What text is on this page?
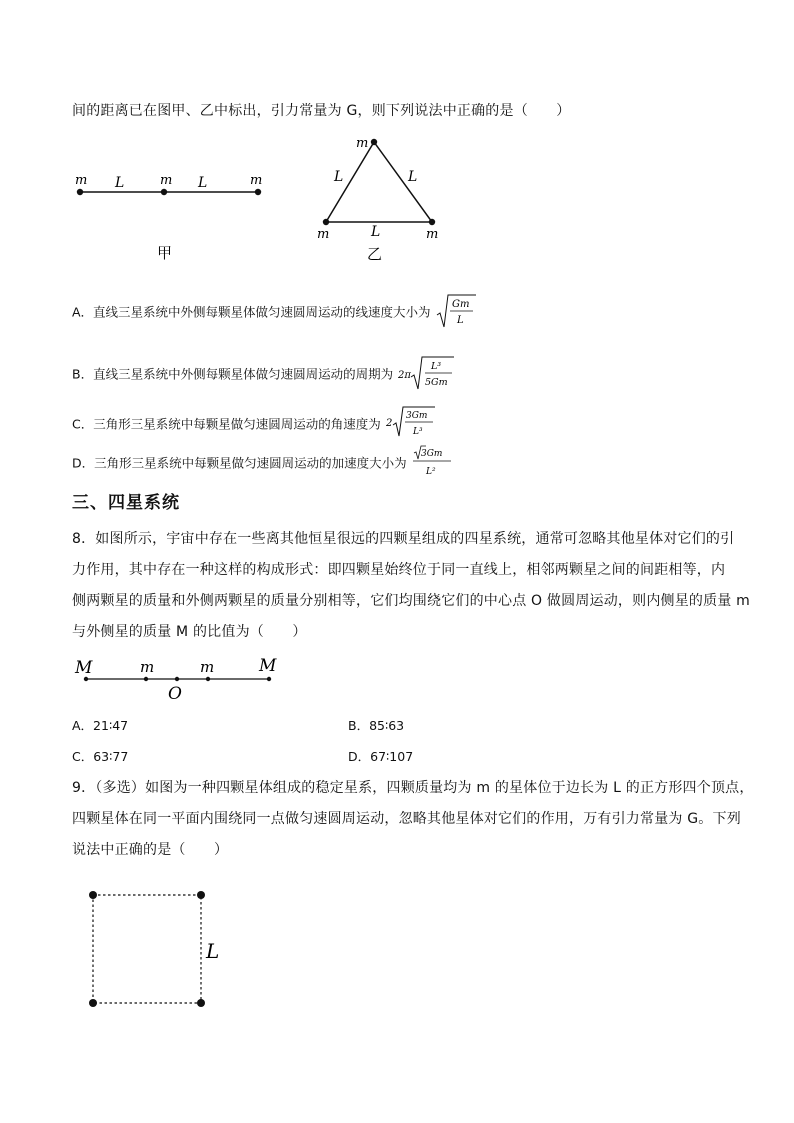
间的距离已在图甲、乙中标出，引力常量为 G，则下列说法中正确的是（　　）
m	m	m
L	L
甲
m
m	m
L	L
L
乙
A．直线三星系统中外侧每颗星体做匀速圆周运动的线速度大小为 Gm
L
B．直线三星系统中外侧每颗星体做匀速圆周运动的周期为 2π
L³
5Gm
C．三角形三星系统中每颗星做匀速圆周运动的角速度为 2
3Gm
L³
D．三角形三星系统中每颗星做匀速圆周运动的加速度大小为
3Gm
L²
三、四星系统
8．如图所示，宇宙中存在一些离其他恒星很远的四颗星组成的四星系统，通常可忽略其他星体对它们的引
力作用，其中存在一种这样的构成形式：即四颗星始终位于同一直线上，相邻两颗星之间的间距相等，内
侧两颗星的质量和外侧两颗星的质量分别相等，它们均围绕它们的中心点 O 做圆周运动，则内侧星的质量 m
与外侧星的质量 M 的比值为（　　）
M	m	m	M
O
A．21∶47	B．85∶63
C．63∶77	D．67∶107
9．（多选）如图为一种四颗星体组成的稳定星系，四颗质量均为 m 的星体位于边长为 L 的正方形四个顶点，
四颗星体在同一平面内围绕同一点做匀速圆周运动，忽略其他星体对它们的作用，万有引力常量为 G。下列
说法中正确的是（　　）
L
